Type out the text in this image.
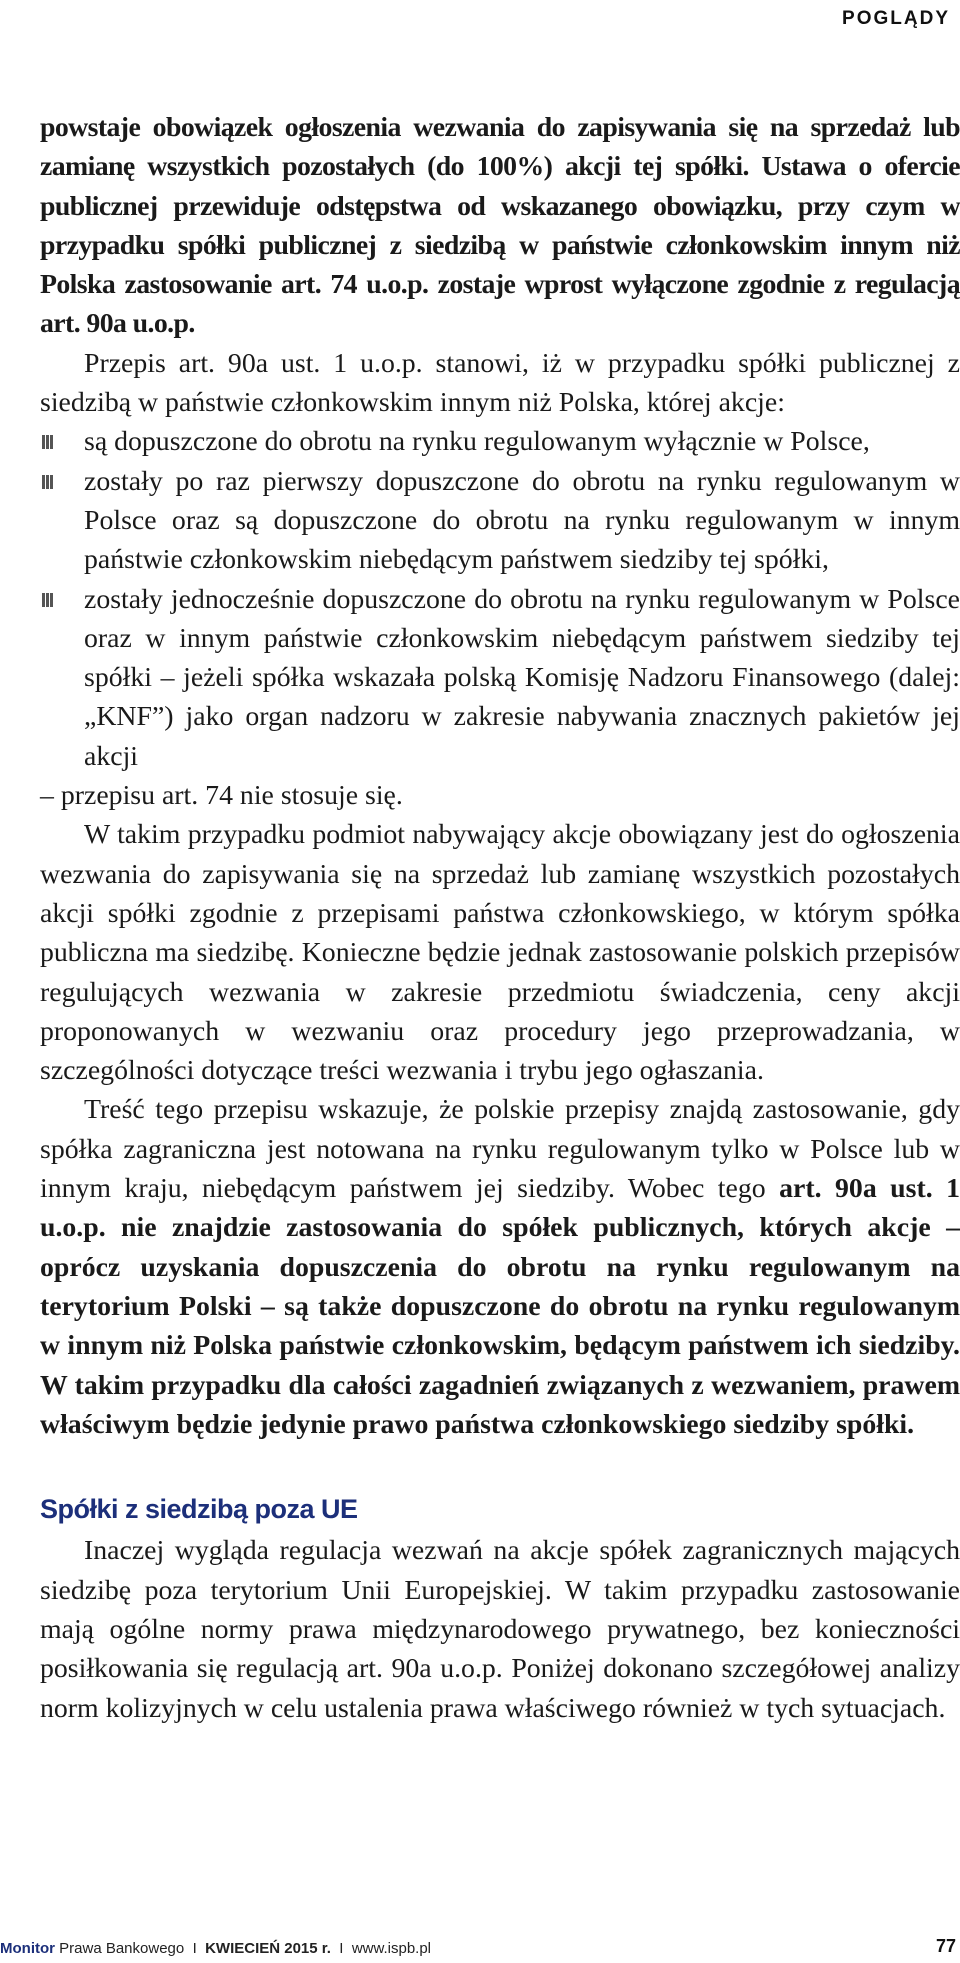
POGLĄDY

powstaje obowiązek ogłoszenia wezwania do zapisywania się na sprzedaż lub zamianę wszystkich pozostałych (do 100%) akcji tej spółki. Ustawa o ofercie publicznej przewiduje odstępstwa od wskazanego obowiązku, przy czym w przypadku spółki publicznej z siedzibą w państwie członkowskim innym niż Polska zastosowanie art. 74 u.o.p. zostaje wprost wyłączone zgodnie z regulacją art. 90a u.o.p.

Przepis art. 90a ust. 1 u.o.p. stanowi, iż w przypadku spółki publicznej z siedzibą w państwie członkowskim innym niż Polska, której akcje:

są dopuszczone do obrotu na rynku regulowanym wyłącznie w Polsce,
zostały po raz pierwszy dopuszczone do obrotu na rynku regulowanym w Polsce oraz są dopuszczone do obrotu na rynku regulowanym w innym państwie członkowskim niebędącym państwem siedziby tej spółki,
zostały jednocześnie dopuszczone do obrotu na rynku regulowanym w Polsce oraz w innym państwie członkowskim niebędącym państwem siedziby tej spółki – jeżeli spółka wskazała polską Komisję Nadzoru Finansowego (dalej: „KNF”) jako organ nadzoru w zakresie nabywania znacznych pakietów jej akcji

– przepisu art. 74 nie stosuje się.

W takim przypadku podmiot nabywający akcje obowiązany jest do ogłoszenia wezwania do zapisywania się na sprzedaż lub zamianę wszystkich pozostałych akcji spółki zgodnie z przepisami państwa członkowskiego, w którym spółka publiczna ma siedzibę. Konieczne będzie jednak zastosowanie polskich przepisów regulujących wezwania w zakresie przedmiotu świadczenia, ceny akcji proponowanych w wezwaniu oraz procedury jego przeprowadzania, w szczególności dotyczące treści wezwania i trybu jego ogłaszania.

Treść tego przepisu wskazuje, że polskie przepisy znajdą zastosowanie, gdy spółka zagraniczna jest notowana na rynku regulowanym tylko w Polsce lub w innym kraju, niebędącym państwem jej siedziby. Wobec tego art. 90a ust. 1 u.o.p. nie znajdzie zastosowania do spółek publicznych, których akcje – oprócz uzyskania dopuszczenia do obrotu na rynku regulowanym na terytorium Polski – są także dopuszczone do obrotu na rynku regulowanym w innym niż Polska państwie członkowskim, będącym państwem ich siedziby. W takim przypadku dla całości zagadnień związanych z wezwaniem, prawem właściwym będzie jedynie prawo państwa członkowskiego siedziby spółki.

Spółki z siedzibą poza UE

Inaczej wygląda regulacja wezwań na akcje spółek zagranicznych mających siedzibę poza terytorium Unii Europejskiej. W takim przypadku zastosowanie mają ogólne normy prawa międzynarodowego prywatnego, bez konieczności posiłkowania się regulacją art. 90a u.o.p. Poniżej dokonano szczegółowej analizy norm kolizyjnych w celu ustalenia prawa właściwego również w tych sytuacjach.

Monitor Prawa Bankowego  I  KWIECIEŃ 2015 r.  I  www.ispb.pl	77
